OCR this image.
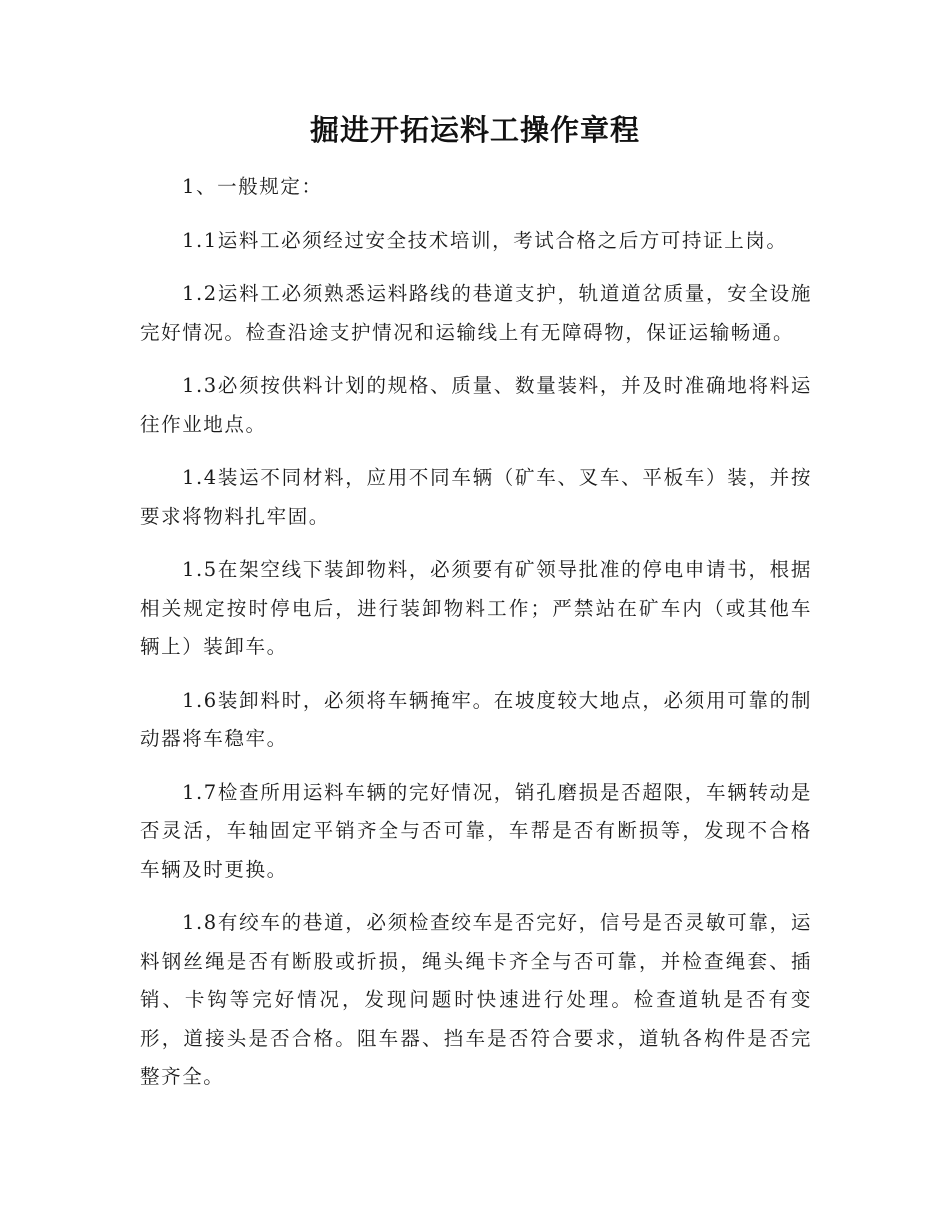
掘进开拓运料工操作章程

1、一般规定：

1.1运料工必须经过安全技术培训，考试合格之后方可持证上岗。

1.2运料工必须熟悉运料路线的巷道支护，轨道道岔质量，安全设施完好情况。检查沿途支护情况和运输线上有无障碍物，保证运输畅通。

1.3必须按供料计划的规格、质量、数量装料，并及时准确地将料运往作业地点。

1.4装运不同材料，应用不同车辆（矿车、叉车、平板车）装，并按要求将物料扎牢固。

1.5在架空线下装卸物料，必须要有矿领导批准的停电申请书，根据相关规定按时停电后，进行装卸物料工作；严禁站在矿车内（或其他车辆上）装卸车。

1.6装卸料时，必须将车辆掩牢。在坡度较大地点，必须用可靠的制动器将车稳牢。

1.7检查所用运料车辆的完好情况，销孔磨损是否超限，车辆转动是否灵活，车轴固定平销齐全与否可靠，车帮是否有断损等，发现不合格车辆及时更换。

1.8有绞车的巷道，必须检查绞车是否完好，信号是否灵敏可靠，运料钢丝绳是否有断股或折损，绳头绳卡齐全与否可靠，并检查绳套、插销、卡钩等完好情况，发现问题时快速进行处理。检查道轨是否有变形，道接头是否合格。阻车器、挡车是否符合要求，道轨各构件是否完整齐全。
